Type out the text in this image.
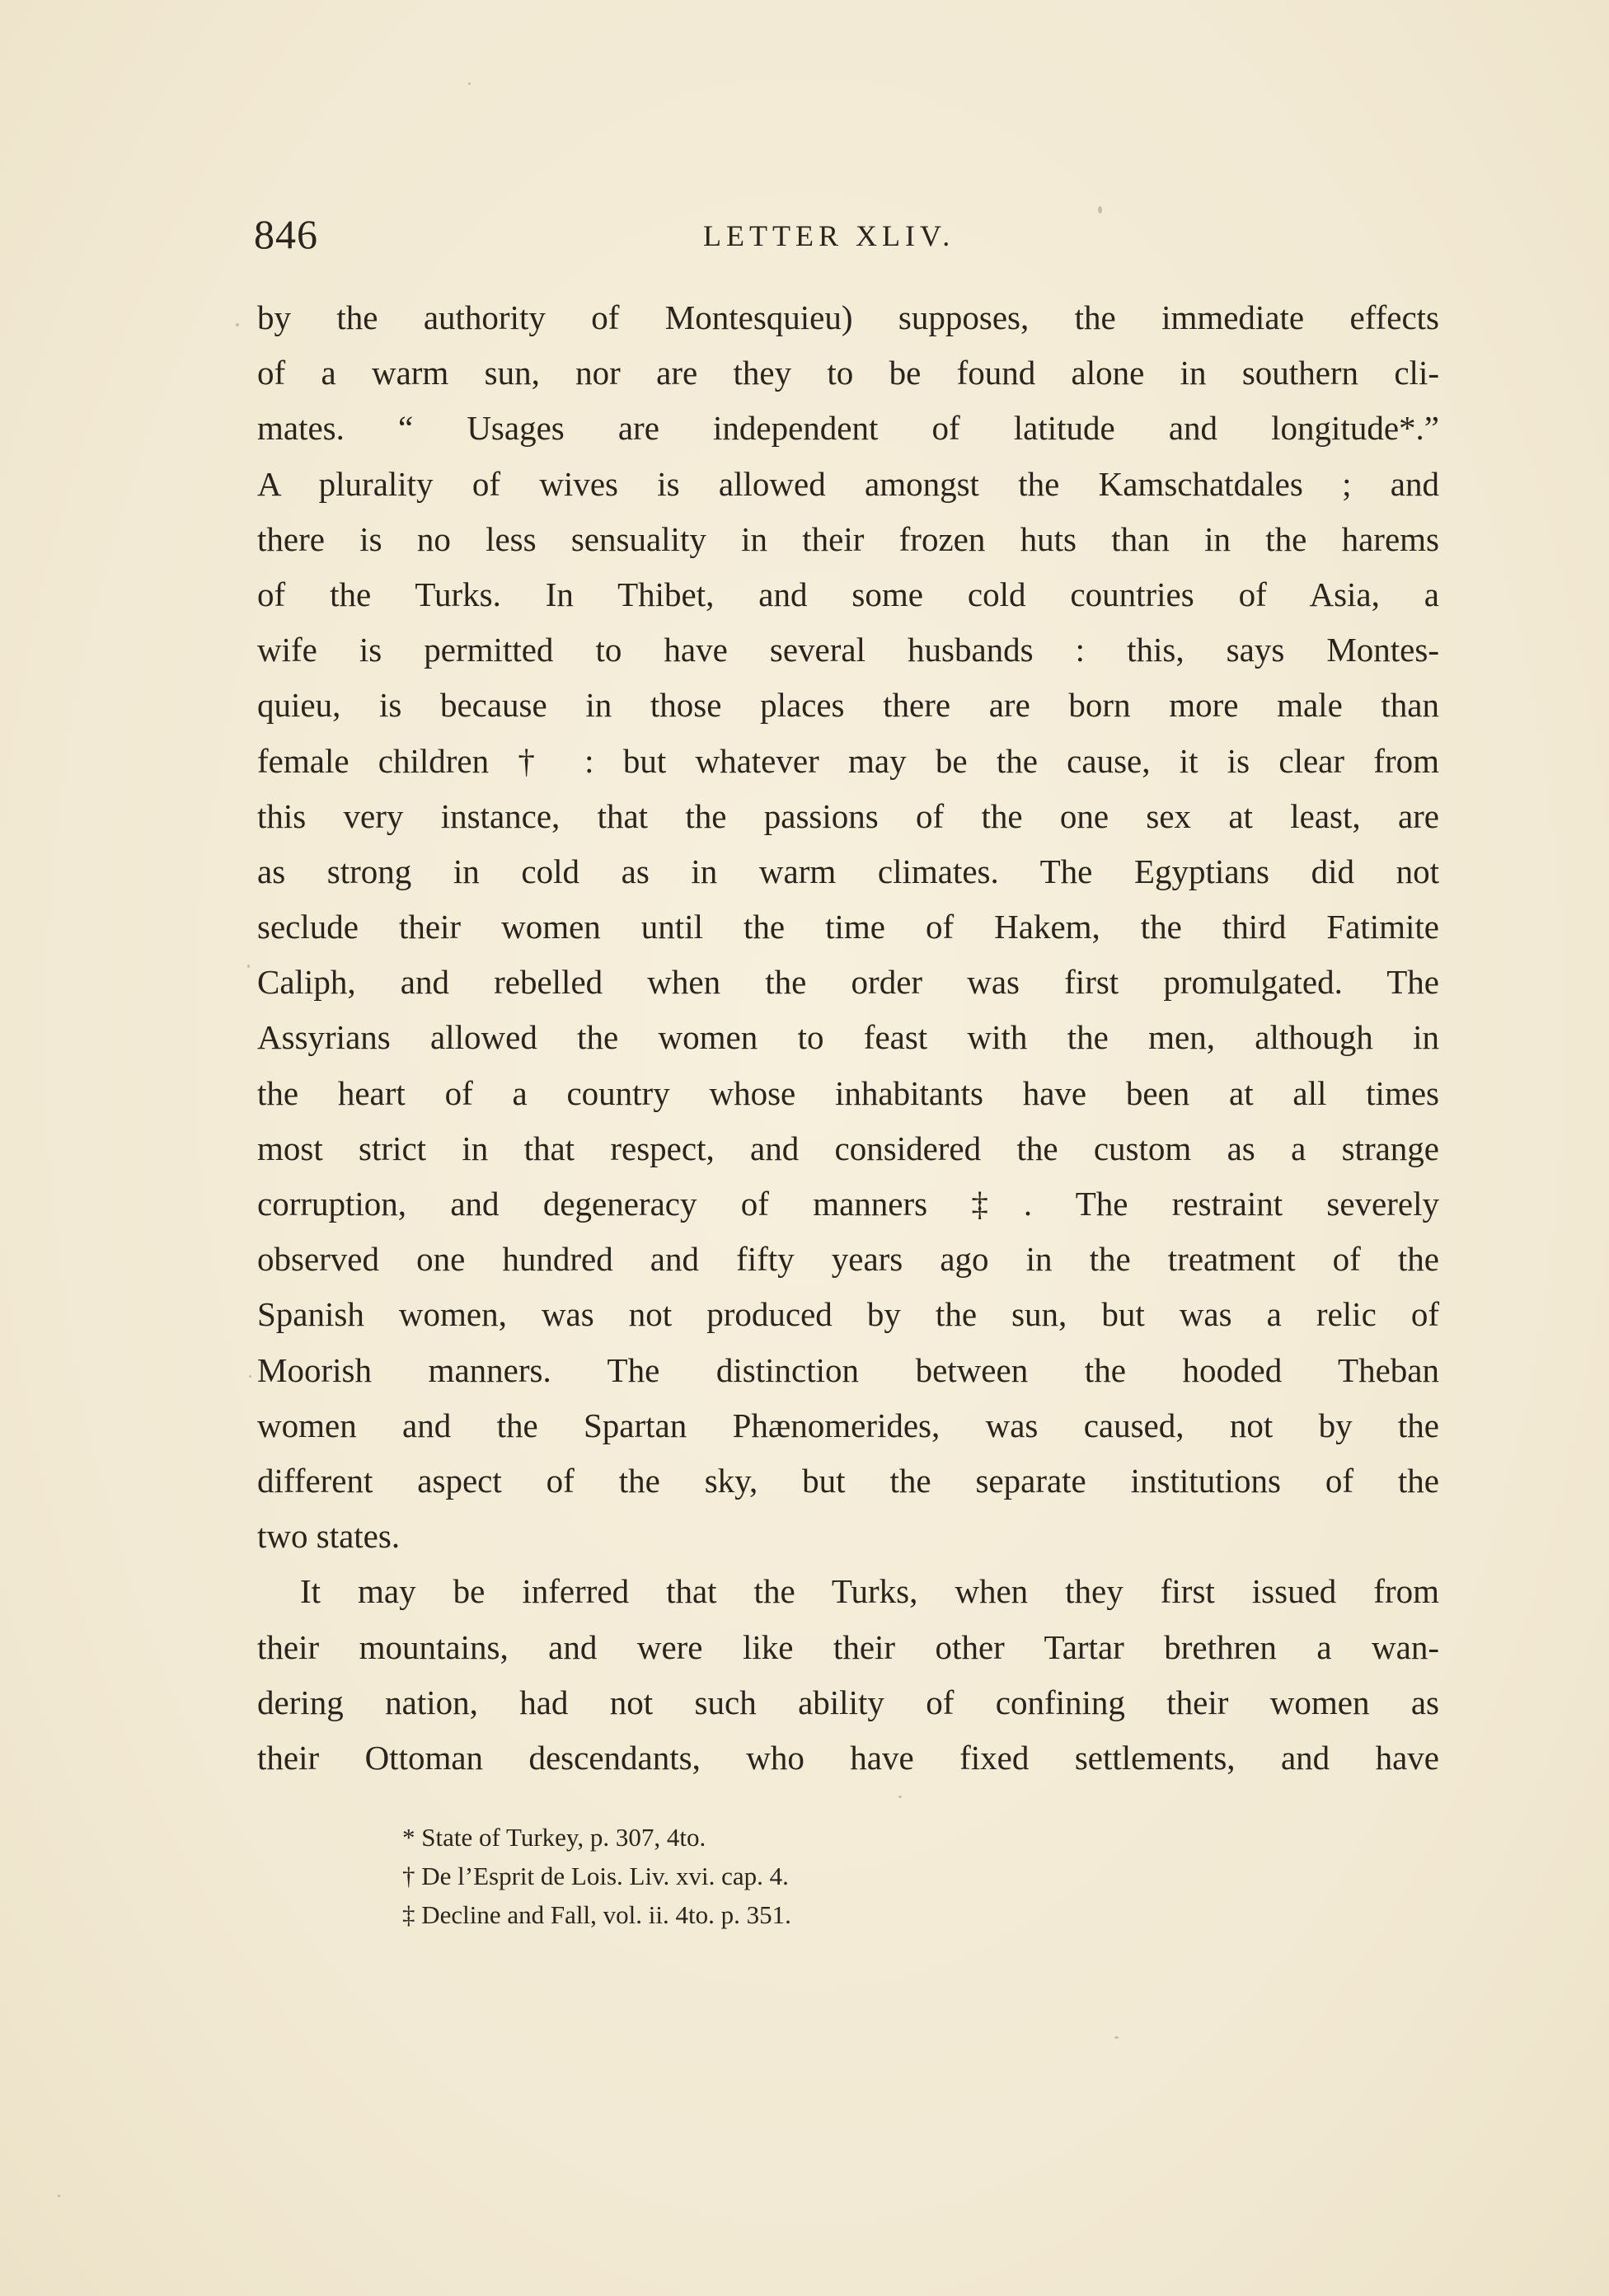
846	LETTER XLIV.
by the authority of Montesquieu) supposes, the immediate effects
of a warm sun, nor are they to be found alone in southern cli-
mates. “ Usages are independent of latitude and longitude*.”
A plurality of wives is allowed amongst the Kamschatdales ; and
there is no less sensuality in their frozen huts than in the harems
of the Turks. In Thibet, and some cold countries of Asia, a
wife is permitted to have several husbands : this, says Montes-
quieu, is because in those places there are born more male than
female children † : but whatever may be the cause, it is clear from
this very instance, that the passions of the one sex at least, are
as strong in cold as in warm climates. The Egyptians did not
seclude their women until the time of Hakem, the third Fatimite
Caliph, and rebelled when the order was first promulgated. The
Assyrians allowed the women to feast with the men, although in
the heart of a country whose inhabitants have been at all times
most strict in that respect, and considered the custom as a strange
corruption, and degeneracy of manners ‡. The restraint severely
observed one hundred and fifty years ago in the treatment of the
Spanish women, was not produced by the sun, but was a relic of
Moorish manners. The distinction between the hooded Theban
women and the Spartan Phænomerides, was caused, not by the
different aspect of the sky, but the separate institutions of the
two states.
It may be inferred that the Turks, when they first issued from
their mountains, and were like their other Tartar brethren a wan-
dering nation, had not such ability of confining their women as
their Ottoman descendants, who have fixed settlements, and have
* State of Turkey, p. 307, 4to.
† De l’Esprit de Lois. Liv. xvi. cap. 4.
‡ Decline and Fall, vol. ii. 4to. p. 351.
